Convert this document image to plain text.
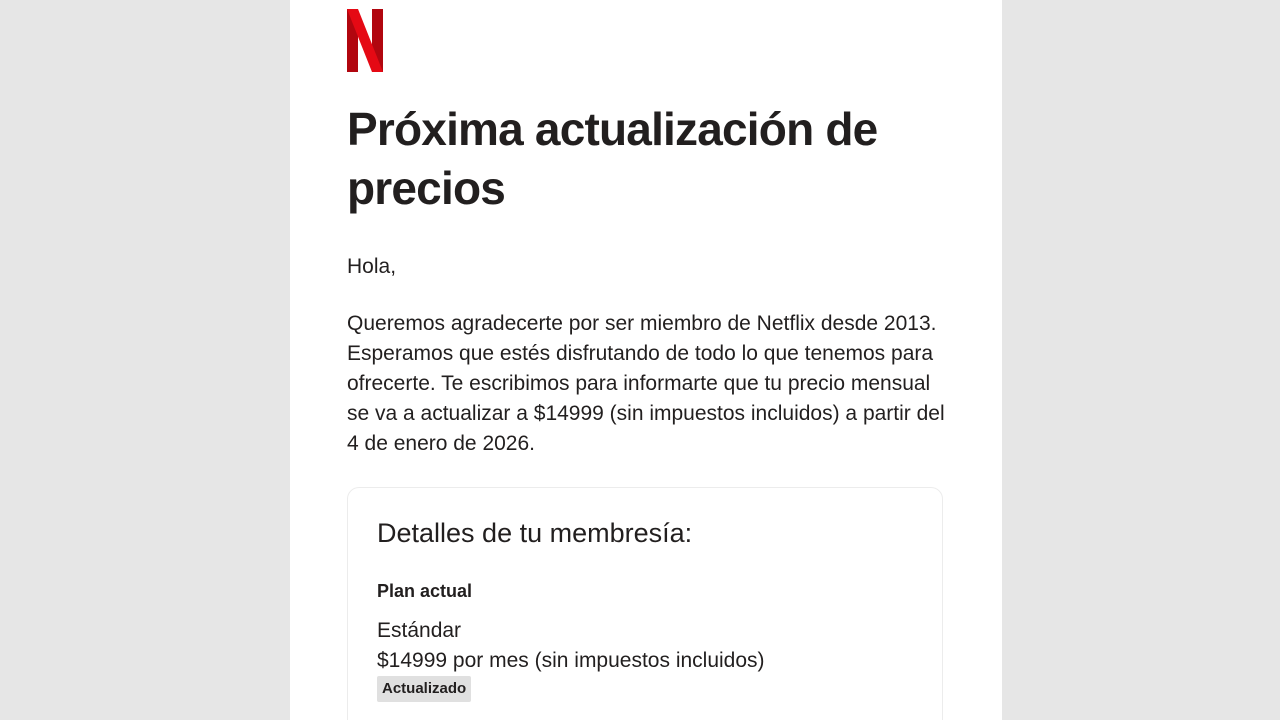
Próxima actualización de precios

Hola,

Queremos agradecerte por ser miembro de Netflix desde 2013. Esperamos que estés disfrutando de todo lo que tenemos para ofrecerte. Te escribimos para informarte que tu precio mensual se va a actualizar a $14999 (sin impuestos incluidos) a partir del 4 de enero de 2026.

Detalles de tu membresía:
Plan actual
Estándar
$14999 por mes (sin impuestos incluidos)
Actualizado
